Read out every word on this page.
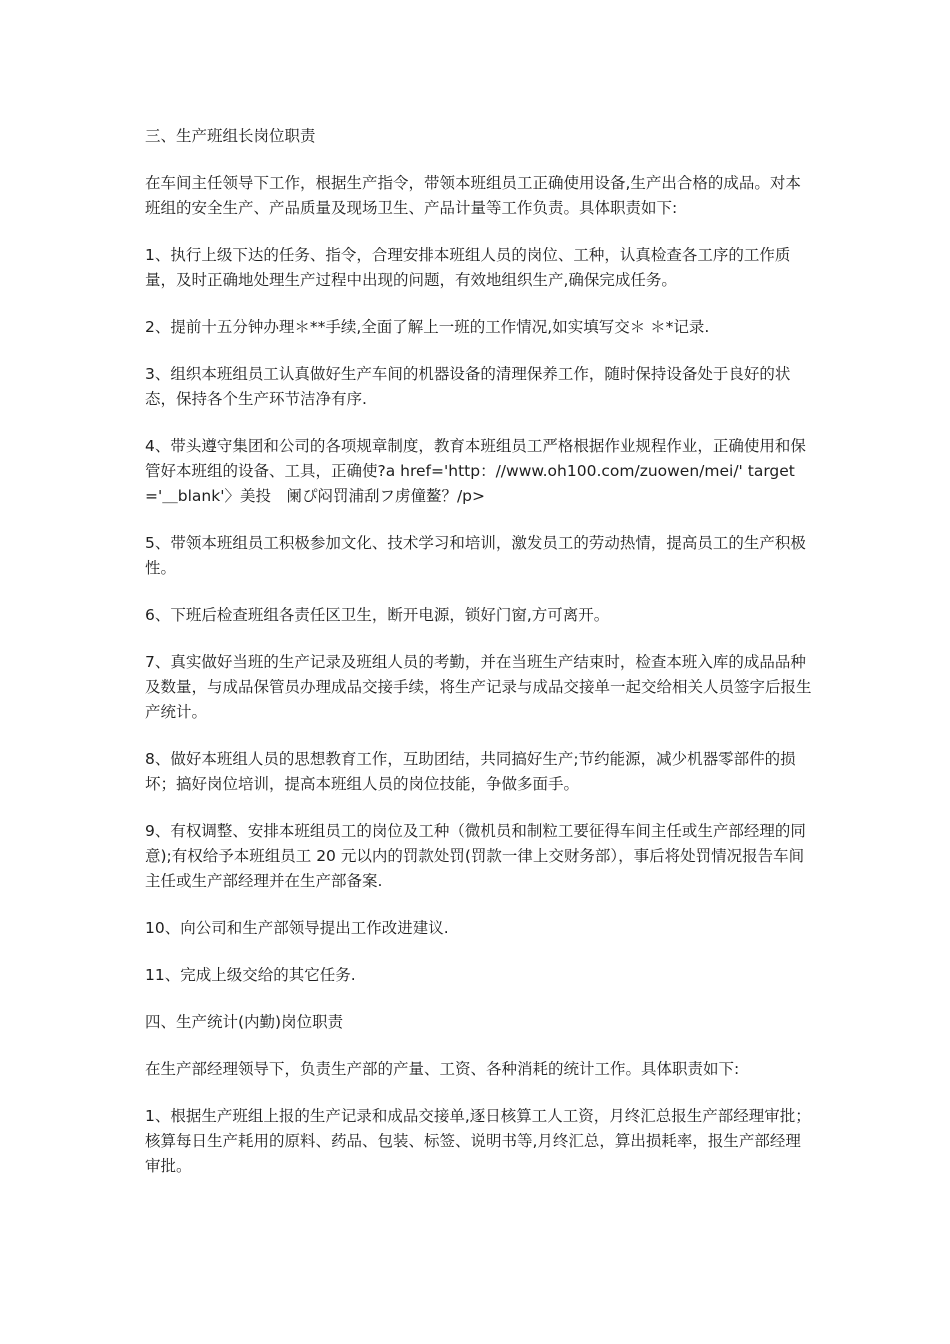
三、生产班组长岗位职责

在车间主任领导下工作，根据生产指令，带领本班组员工正确使用设备,生产出合格的成品。对本班组的安全生产、产品质量及现场卫生、产品计量等工作负责。具体职责如下:

1、执行上级下达的任务、指令，合理安排本班组人员的岗位、工种，认真检查各工序的工作质量，及时正确地处理生产过程中出现的问题，有效地组织生产,确保完成任务。

2、提前十五分钟办理＊**手续,全面了解上一班的工作情况,如实填写交＊ ＊*记录.

3、组织本班组员工认真做好生产车间的机器设备的清理保养工作，随时保持设备处于良好的状态，保持各个生产环节洁净有序.

4、带头遵守集团和公司的各项规章制度，教育本班组员工严格根据作业规程作业，正确使用和保管好本班组的设备、工具，正确使?a href='http：//www.oh100.com/zuowen/mei/' target='＿blank'〉美投　阑ぴ闷罚浦刮フ虏僮鳌？/p>

5、带领本班组员工积极参加文化、技术学习和培训，激发员工的劳动热情，提高员工的生产积极性。

6、下班后检查班组各责任区卫生，断开电源，锁好门窗,方可离开。

7、真实做好当班的生产记录及班组人员的考勤，并在当班生产结束时，检查本班入库的成品品种及数量，与成品保管员办理成品交接手续，将生产记录与成品交接单一起交给相关人员签字后报生产统计。

8、做好本班组人员的思想教育工作，互助团结，共同搞好生产;节约能源，减少机器零部件的损坏；搞好岗位培训，提高本班组人员的岗位技能，争做多面手。

9、有权调整、安排本班组员工的岗位及工种（微机员和制粒工要征得车间主任或生产部经理的同意);有权给予本班组员工 20 元以内的罚款处罚(罚款一律上交财务部），事后将处罚情况报告车间主任或生产部经理并在生产部备案.

10、向公司和生产部领导提出工作改进建议.

11、完成上级交给的其它任务.

四、生产统计(内勤)岗位职责

在生产部经理领导下，负责生产部的产量、工资、各种消耗的统计工作。具体职责如下:

1、根据生产班组上报的生产记录和成品交接单,逐日核算工人工资，月终汇总报生产部经理审批；核算每日生产耗用的原料、药品、包装、标签、说明书等,月终汇总，算出损耗率，报生产部经理审批。
